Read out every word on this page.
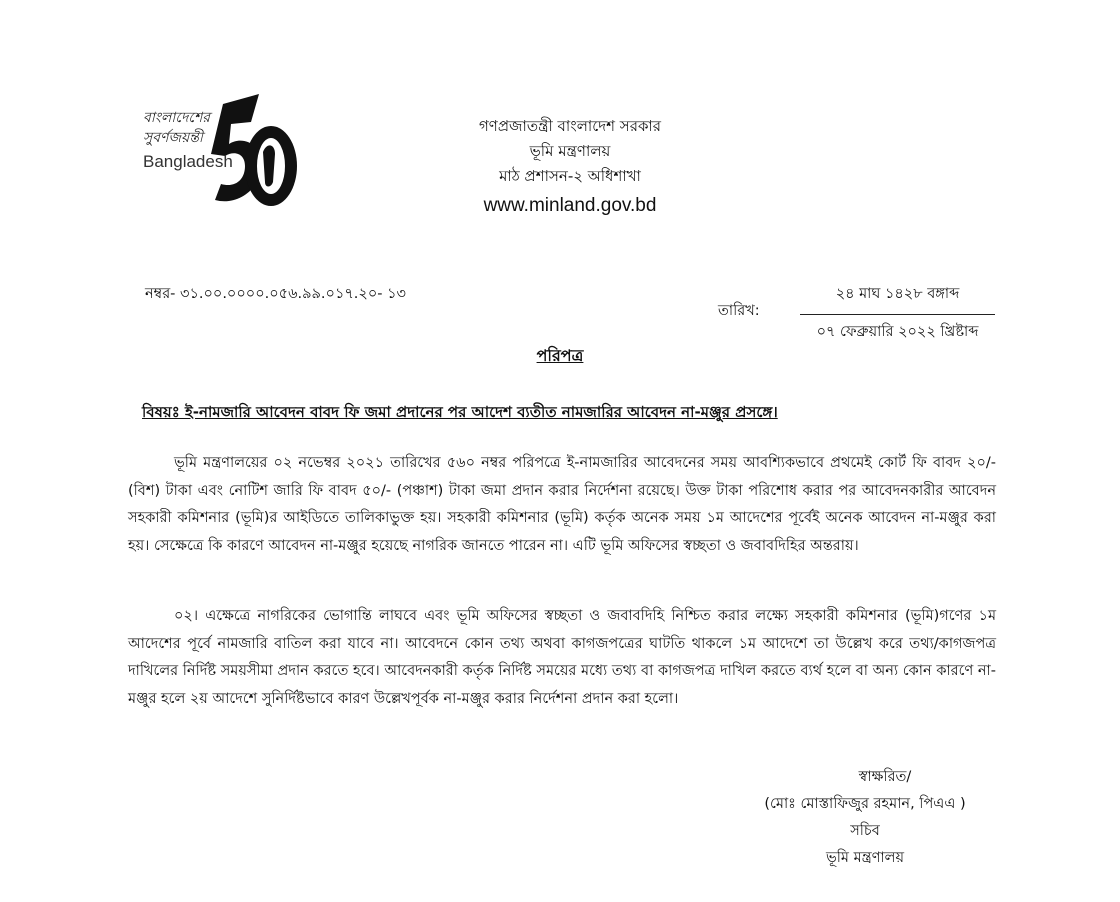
বাংলাদেশের
সুবর্ণজয়ন্তী
Bangladesh
গণপ্রজাতন্ত্রী বাংলাদেশ সরকার
ভূমি মন্ত্রণালয়
মাঠ প্রশাসন-২ অধিশাখা
www.minland.gov.bd
নম্বর- ৩১.০০.০০০০.০৫৬.৯৯.০১৭.২০- ১৩
তারিখ:
২৪ মাঘ ১৪২৮ বঙ্গাব্দ
০৭ ফেব্রুয়ারি ২০২২ খ্রিষ্টাব্দ
পরিপত্র
বিষয়ঃ ই-নামজারি আবেদন বাবদ ফি জমা প্রদানের পর আদেশ ব্যতীত নামজারির আবেদন না-মঞ্জুর প্রসঙ্গে।
ভূমি মন্ত্রণালয়ের ০২ নভেম্বর ২০২১ তারিখের ৫৬০ নম্বর পরিপত্রে ই-নামজারির আবেদনের সময় আবশ্যিকভাবে প্রথমেই কোর্ট ফি বাবদ ২০/-(বিশ) টাকা এবং নোটিশ জারি ফি বাবদ ৫০/- (পঞ্চাশ) টাকা জমা প্রদান করার নির্দেশনা রয়েছে। উক্ত টাকা পরিশোধ করার পর আবেদনকারীর আবেদন সহকারী কমিশনার (ভূমি)র আইডিতে তালিকাভুক্ত হয়। সহকারী কমিশনার (ভূমি) কর্তৃক অনেক সময় ১ম আদেশের পূর্বেই অনেক আবেদন না-মঞ্জুর করা হয়। সেক্ষেত্রে কি কারণে আবেদন না-মঞ্জুর হয়েছে নাগরিক জানতে পারেন না। এটি ভূমি অফিসের স্বচ্ছতা ও জবাবদিহির অন্তরায়।
০২। এক্ষেত্রে নাগরিকের ভোগান্তি লাঘবে এবং ভূমি অফিসের স্বচ্ছতা ও জবাবদিহি নিশ্চিত করার লক্ষ্যে সহকারী কমিশনার (ভূমি)গণের ১ম আদেশের পূর্বে নামজারি বাতিল করা যাবে না। আবেদনে কোন তথ্য অথবা কাগজপত্রের ঘাটতি থাকলে ১ম আদেশে তা উল্লেখ করে তথ্য/কাগজপত্র দাখিলের নির্দিষ্ট সময়সীমা প্রদান করতে হবে। আবেদনকারী কর্তৃক নির্দিষ্ট সময়ের মধ্যে তথ্য বা কাগজপত্র দাখিল করতে ব্যর্থ হলে বা অন্য কোন কারণে না-মঞ্জুর হলে ২য় আদেশে সুনির্দিষ্টভাবে কারণ উল্লেখপূর্বক না-মঞ্জুর করার নির্দেশনা প্রদান করা হলো।
স্বাক্ষরিত/
(মোঃ মোস্তাফিজুর রহমান, পিএএ )
সচিব
ভূমি মন্ত্রণালয়
